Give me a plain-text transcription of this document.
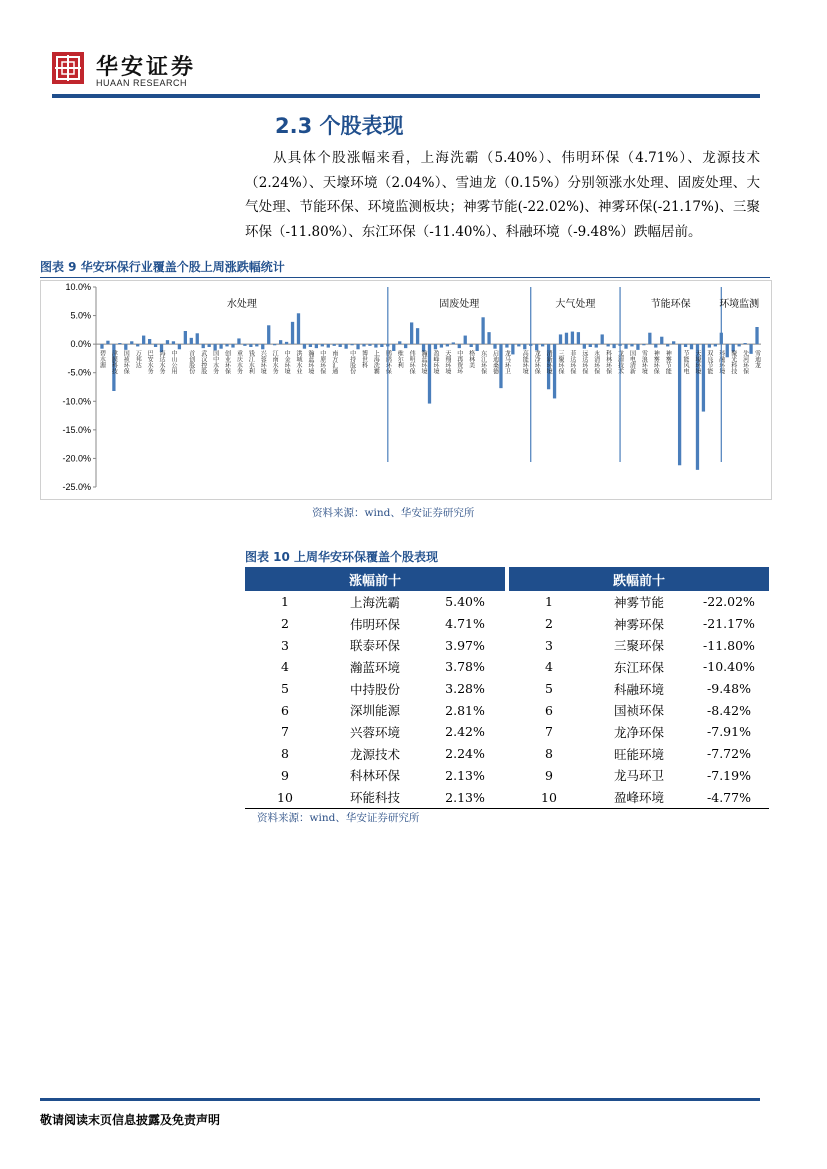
华安证券
HUAAN RESEARCH
2.3 个股表现
从具体个股涨幅来看，上海洗霸（5.40%）、伟明环保（4.71%）、龙源技术（2.24%）、天壕环境（2.04%）、雪迪龙（0.15%）分别领涨水处理、固废处理、大气处理、节能环保、环境监测板块；神雾节能(-22.02%)、神雾环保(-21.17%)、三聚环保（-11.80%）、东江环保（-11.40%）、科融环境（-9.48%）跌幅居前。
图表 9 华安环保行业覆盖个股上周涨跌幅统计
10.0%
5.0%
0.0%
-5.0%
-10.0%
-15.0%
-20.0%
-25.0%
碧水源 津膜科技 国祯环保 万邦达 巴安水务 海达水务 中山公用 首创股份 武汉控股 国中水务 创业环保 重庆水务 钱江水利 兴蓉环境 江南水务 中金环境 洪城水业 瀚蓝环境 中原环保 南方汇通 中持股份 博世科 上海洗霸 鹏鹞环保 维尔利 伟明环保 瀚蓝环境 盈峰环境 天翔环境 中再资环 格林美 东江环保 启迪桑德 龙马环卫 高能环境 龙净环保 清新环境 三聚环保 菲达环保 远达环保 永清环保 科林环保 龙源技术 国电清新 雪浪环境 神雾环保 神雾节能 节能风电 天壕环境 双良节能 科融环境 聚光科技 先河环保 雪迪龙
水处理	固废处理	大气处理	节能环保	环境监测
资料来源：wind、华安证券研究所
图表 10 上周华安环保覆盖个股表现
涨幅前十				跌幅前十		
1	上海洗霸	5.40%		1	神雾节能	-22.02%
2	伟明环保	4.71%		2	神雾环保	-21.17%
3	联泰环保	3.97%		3	三聚环保	-11.80%
4	瀚蓝环境	3.78%		4	东江环保	-10.40%
5	中持股份	3.28%		5	科融环境	-9.48%
6	深圳能源	2.81%		6	国祯环保	-8.42%
7	兴蓉环境	2.42%		7	龙净环保	-7.91%
8	龙源技术	2.24%		8	旺能环境	-7.72%
9	科林环保	2.13%		9	龙马环卫	-7.19%
10	环能科技	2.13%		10	盈峰环境	-4.77%
资料来源：wind、华安证券研究所
敬请阅读末页信息披露及免责声明
